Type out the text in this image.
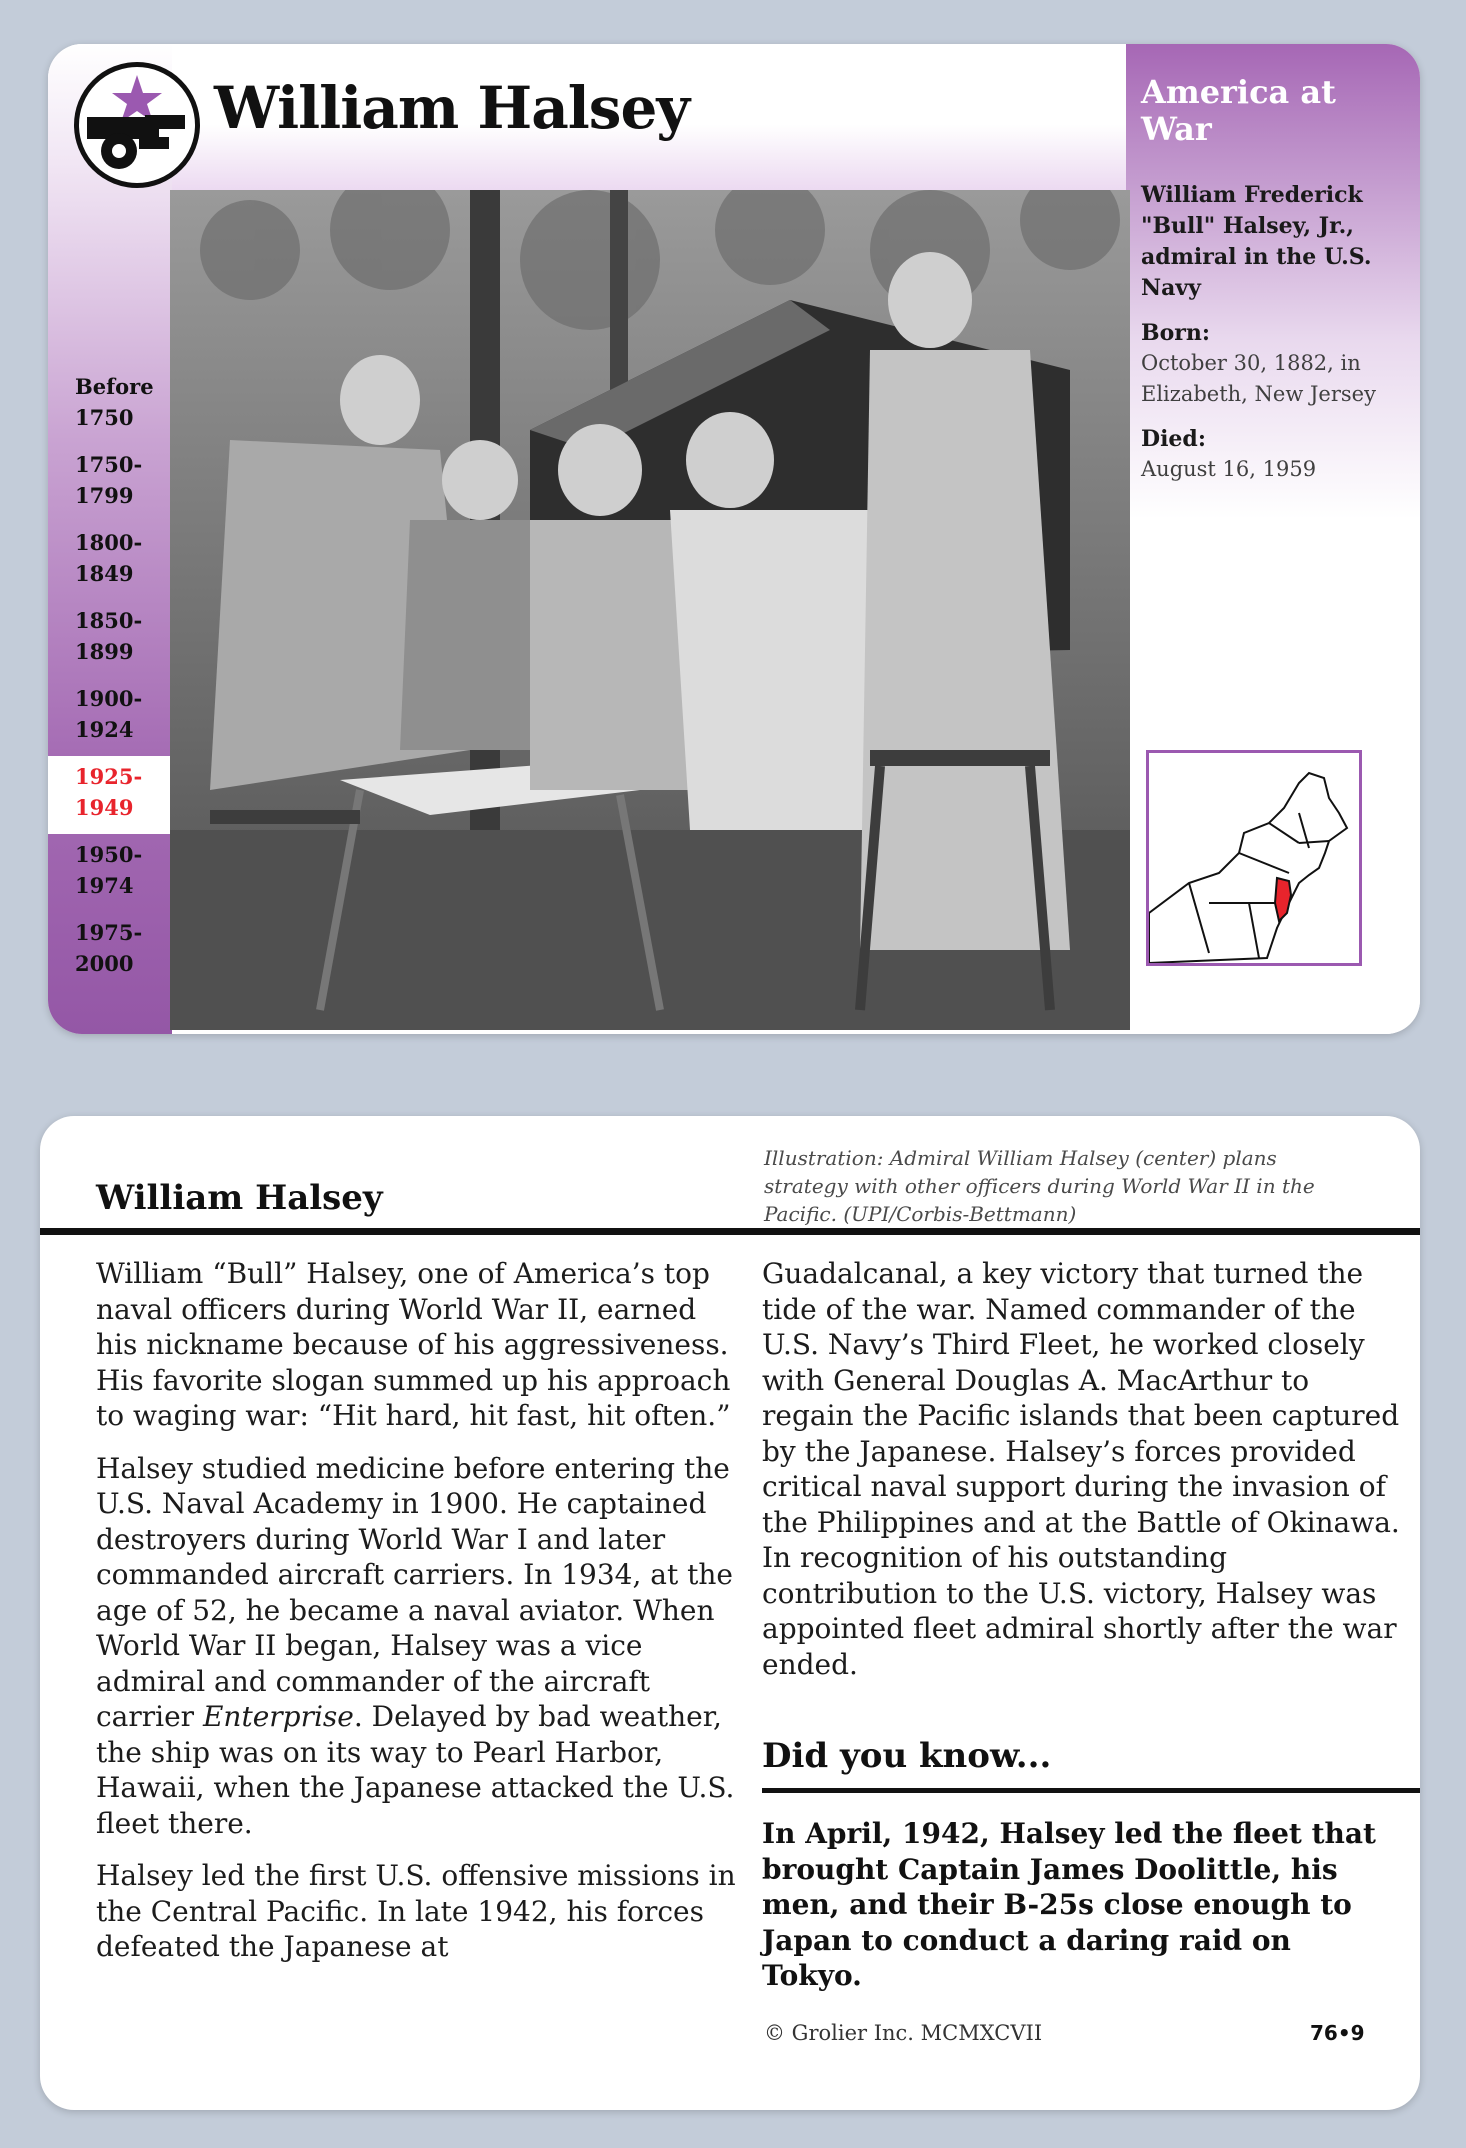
William Halsey
Before 1750
1750- 1799
1800- 1849
1850- 1899
1900- 1924
1925- 1949
1950- 1974
1975- 2000
America at War

William Frederick "Bull" Halsey, Jr., admiral in the U.S. Navy

Born:

October 30, 1882, in Elizabeth, New Jersey

Died:

August 16, 1959

William Halsey
Illustration: Admiral William Halsey (center) plans strategy with other officers during World War II in the Pacific. (UPI/Corbis-Bettmann)

William “Bull” Halsey, one of America’s top naval officers during World War II, earned his nickname because of his aggressiveness. His favorite slogan summed up his approach to waging war: “Hit hard, hit fast, hit often.”

Halsey studied medicine before entering the U.S. Naval Academy in 1900. He captained destroyers during World War I and later commanded aircraft carriers. In 1934, at the age of 52, he became a naval aviator. When World War II began, Halsey was a vice admiral and commander of the aircraft carrier Enterprise. Delayed by bad weather, the ship was on its way to Pearl Harbor, Hawaii, when the Japanese attacked the U.S. fleet there.

Halsey led the first U.S. offensive missions in the Central Pacific. In late 1942, his forces defeated the Japanese at

Guadalcanal, a key victory that turned the tide of the war. Named commander of the U.S. Navy’s Third Fleet, he worked closely with General Douglas A. MacArthur to regain the Pacific islands that been captured by the Japanese. Halsey’s forces provided critical naval support during the invasion of the Philippines and at the Battle of Okinawa. In recognition of his outstanding contribution to the U.S. victory, Halsey was appointed fleet admiral shortly after the war ended.

Did you know...
In April, 1942, Halsey led the fleet that brought Captain James Doolittle, his men, and their B-25s close enough to Japan to conduct a daring raid on Tokyo.
© Grolier Inc. MCMXCVII	76•9
